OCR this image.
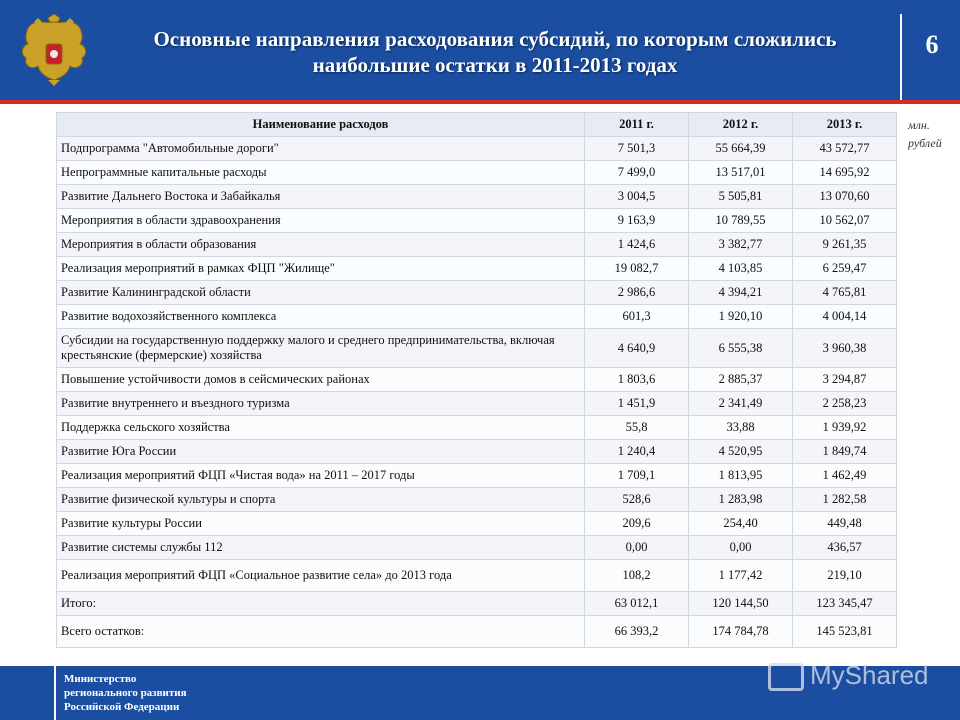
Основные направления расходования субсидий, по которым сложились
наибольшие остатки в 2011-2013 годах
6
млн. рублей
Наименование расходов	2011 г.	2012 г.	2013 г.
Подпрограмма "Автомобильные дороги"	7 501,3	55 664,39	43 572,77
Непрограммные капитальные расходы	7 499,0	13 517,01	14 695,92
Развитие Дальнего Востока и Забайкалья	3 004,5	5 505,81	13 070,60
Мероприятия в области здравоохранения	9 163,9	10 789,55	10 562,07
Мероприятия в области образования	1 424,6	3 382,77	9 261,35
Реализация мероприятий в рамках ФЦП "Жилище"	19 082,7	4 103,85	6 259,47
Развитие Калининградской области	2 986,6	4 394,21	4 765,81
Развитие водохозяйственного комплекса	601,3	1 920,10	4 004,14
Субсидии на государственную поддержку малого и среднего предпринимательства, включая крестьянские (фермерские) хозяйства	4 640,9	6 555,38	3 960,38
Повышение устойчивости домов в сейсмических районах	1 803,6	2 885,37	3 294,87
Развитие внутреннего и въездного туризма	1 451,9	2 341,49	2 258,23
Поддержка сельского хозяйства	55,8	33,88	1 939,92
Развитие Юга России	1 240,4	4 520,95	1 849,74
Реализация мероприятий ФЦП «Чистая вода» на 2011 – 2017 годы	1 709,1	1 813,95	1 462,49
Развитие физической культуры и спорта	528,6	1 283,98	1 282,58
Развитие культуры России	209,6	254,40	449,48
Развитие системы службы 112	0,00	0,00	436,57
Реализация мероприятий ФЦП «Социальное развитие села» до 2013 года	108,2	1 177,42	219,10
Итого:	63 012,1	120 144,50	123 345,47
Всего остатков:	66 393,2	174 784,78	145 523,81
Министерство
регионального развития
Российской Федерации
MyShared
